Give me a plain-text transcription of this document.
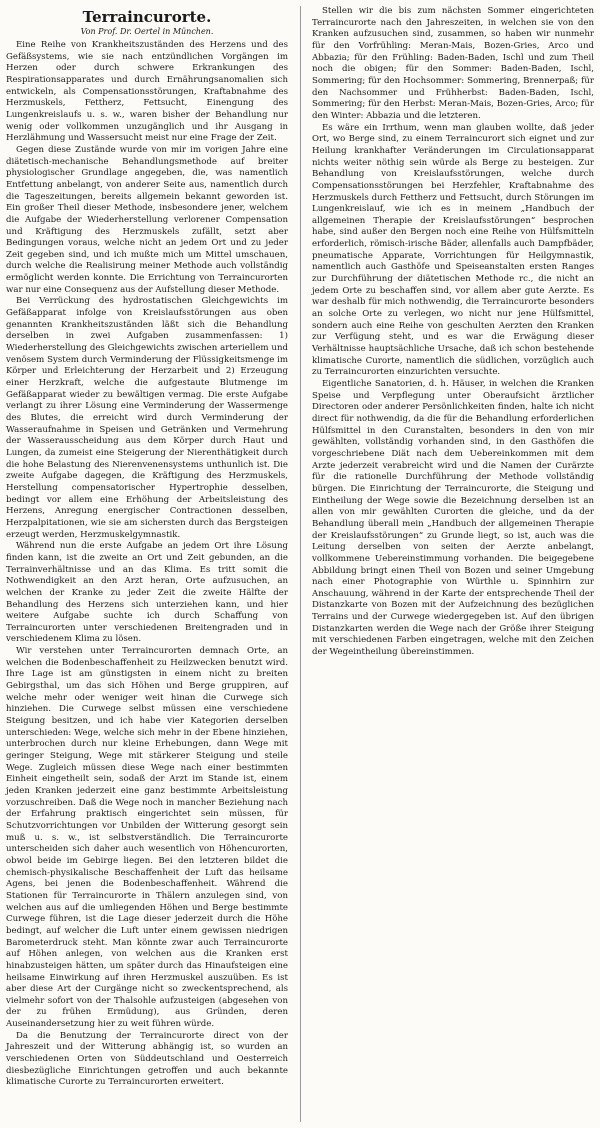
Terraincurorte.
Von Prof. Dr. Oertel in München.

Eine Reihe von Krankheitszuständen des Herzens und des Gefäßsystems, wie sie nach entzündlichen Vorgängen im Herzen oder durch schwere Erkrankungen des Respirationsapparates und durch Ernährungsanomalien sich entwickeln, als Compensationsstörungen, Kraftabnahme des Herzmuskels, Fettherz, Fettsucht, Einengung des Lungenkreislaufs u. s. w., waren bisher der Behandlung nur wenig oder vollkommen unzugänglich und ihr Ausgang in Herzlähmung und Wassersucht meist nur eine Frage der Zeit.

Gegen diese Zustände wurde von mir im vorigen Jahre eine diätetisch-mechanische Behandlungsmethode auf breiter physiologischer Grundlage angegeben, die, was namentlich Entfettung anbelangt, von anderer Seite aus, namentlich durch die Tageszeitungen, bereits allgemein bekannt geworden ist. Ein großer Theil dieser Methode, insbesondere jener, welchem die Aufgabe der Wiederherstellung verlorener Compensation und Kräftigung des Herzmuskels zufällt, setzt aber Bedingungen voraus, welche nicht an jedem Ort und zu jeder Zeit gegeben sind, und ich mußte mich um Mittel umschauen, durch welche die Realisirung meiner Methode auch vollständig ermöglicht werden konnte. Die Errichtung von Terraincurorten war nur eine Consequenz aus der Aufstellung dieser Methode.

Bei Verrückung des hydrostatischen Gleichgewichts im Gefäßapparat infolge von Kreislaufsstörungen aus oben genannten Krankheitszuständen läßt sich die Behandlung derselben in zwei Aufgaben zusammenfassen: 1) Wiederherstellung des Gleichgewichts zwischen arteriellem und venösem System durch Verminderung der Flüssigkeitsmenge im Körper und Erleichterung der Herzarbeit und 2) Erzeugung einer Herzkraft, welche die aufgestaute Blutmenge im Gefäßapparat wieder zu bewältigen vermag. Die erste Aufgabe verlangt zu ihrer Lösung eine Verminderung der Wassermenge des Blutes, die erreicht wird durch Verminderung der Wasseraufnahme in Speisen und Getränken und Vermehrung der Wasserausscheidung aus dem Körper durch Haut und Lungen, da zumeist eine Steigerung der Nierenthätigkeit durch die hohe Belastung des Nierenvenensystems unthunlich ist. Die zweite Aufgabe dagegen, die Kräftigung des Herzmuskels, Herstellung compensatorischer Hypertrophie desselben, bedingt vor allem eine Erhöhung der Arbeitsleistung des Herzens, Anregung energischer Contractionen desselben, Herzpalpitationen, wie sie am sichersten durch das Bergsteigen erzeugt werden, Herzmuskelgymnastik.

Während nun die erste Aufgabe an jedem Ort ihre Lösung finden kann, ist die zweite an Ort und Zeit gebunden, an die Terrainverhältnisse und an das Klima. Es tritt somit die Nothwendigkeit an den Arzt heran, Orte aufzusuchen, an welchen der Kranke zu jeder Zeit die zweite Hälfte der Behandlung des Herzens sich unterziehen kann, und hier weitere Aufgabe suchte ich durch Schaffung von Terraincurorten unter verschiedenen Breitengraden und in verschiedenem Klima zu lösen.

Wir verstehen unter Terraincurorten demnach Orte, an welchen die Bodenbeschaffenheit zu Heilzwecken benutzt wird. Ihre Lage ist am günstigsten in einem nicht zu breiten Gebirgsthal, um das sich Höhen und Berge gruppiren, auf welche mehr oder weniger weit hinan die Curwege sich hinziehen. Die Curwege selbst müssen eine verschiedene Steigung besitzen, und ich habe vier Kategorien derselben unterschieden: Wege, welche sich mehr in der Ebene hinziehen, unterbrochen durch nur kleine Erhebungen, dann Wege mit geringer Steigung, Wege mit stärkerer Steigung und steile Wege. Zugleich müssen diese Wege nach einer bestimmten Einheit eingetheilt sein, sodaß der Arzt im Stande ist, einem jeden Kranken jederzeit eine ganz bestimmte Arbeitsleistung vorzuschreiben. Daß die Wege noch in mancher Beziehung nach der Erfahrung praktisch eingerichtet sein müssen, für Schutzvorrichtungen vor Unbilden der Witterung gesorgt sein muß u. s. w., ist selbstverständlich. Die Terraincurorte unterscheiden sich daher auch wesentlich von Höhencurorten, obwol beide im Gebirge liegen. Bei den letzteren bildet die chemisch-physikalische Beschaffenheit der Luft das heilsame Agens, bei jenen die Bodenbeschaffenheit. Während die Stationen für Terraincurorte in Thälern anzulegen sind, von welchen aus auf die umliegenden Höhen und Berge bestimmte Curwege führen, ist die Lage dieser jederzeit durch die Höhe bedingt, auf welcher die Luft unter einem gewissen niedrigen Barometerdruck steht. Man könnte zwar auch Terraincurorte auf Höhen anlegen, von welchen aus die Kranken erst hinabzusteigen hätten, um später durch das Hinaufsteigen eine heilsame Einwirkung auf ihren Herzmuskel auszuüben. Es ist aber diese Art der Curgänge nicht so zweckentsprechend, als vielmehr sofort von der Thalsohle aufzusteigen (abgesehen von der zu frühen Ermüdung), aus Gründen, deren Auseinandersetzung hier zu weit führen würde.

Da die Benutzung der Terraincurorte direct von der Jahreszeit und der Witterung abhängig ist, so wurden an verschiedenen Orten von Süddeutschland und Oesterreich diesbezügliche Einrichtungen getroffen und auch bekannte klimatische Curorte zu Terraincurorten erweitert.

Stellen wir die bis zum nächsten Sommer eingerichteten Terraincurorte nach den Jahreszeiten, in welchen sie von den Kranken aufzusuchen sind, zusammen, so haben wir nunmehr für den Vorfrühling: Meran-Mais, Bozen-Gries, Arco und Abbazia; für den Frühling: Baden-Baden, Ischl und zum Theil noch die obigen; für den Sommer: Baden-Baden, Ischl, Sommering; für den Hochsommer: Sommering, Brennerpaß; für den Nachsommer und Frühherbst: Baden-Baden, Ischl, Sommering; für den Herbst: Meran-Mais, Bozen-Gries, Arco; für den Winter: Abbazia und die letzteren.

Es wäre ein Irrthum, wenn man glauben wollte, daß jeder Ort, wo Berge sind, zu einem Terraincurort sich eignet und zur Heilung krankhafter Veränderungen im Circulationsapparat nichts weiter nöthig sein würde als Berge zu besteigen. Zur Behandlung von Kreislaufsstörungen, welche durch Compensationsstörungen bei Herzfehler, Kraftabnahme des Herzmuskels durch Fettherz und Fettsucht, durch Störungen im Lungenkreislauf, wie ich es in meinem „Handbuch der allgemeinen Therapie der Kreislaufsstörungen“ besprochen habe, sind außer den Bergen noch eine Reihe von Hülfsmitteln erforderlich, römisch-irische Bäder, allenfalls auch Dampfbäder, pneumatische Apparate, Vorrichtungen für Heilgymnastik, namentlich auch Gasthöfe und Speiseanstalten ersten Ranges zur Durchführung der diätetischen Methode rc., die nicht an jedem Orte zu beschaffen sind, vor allem aber gute Aerzte. Es war deshalb für mich nothwendig, die Terraincurorte besonders an solche Orte zu verlegen, wo nicht nur jene Hülfsmittel, sondern auch eine Reihe von geschulten Aerzten den Kranken zur Verfügung steht, und es war die Erwägung dieser Verhältnisse hauptsächliche Ursache, daß ich schon bestehende klimatische Curorte, namentlich die südlichen, vorzüglich auch zu Terraincurorten einzurichten versuchte.

Eigentliche Sanatorien, d. h. Häuser, in welchen die Kranken Speise und Verpflegung unter Oberaufsicht ärztlicher Directoren oder anderer Persönlichkeiten finden, halte ich nicht direct für nothwendig, da die für die Behandlung erforderlichen Hülfsmittel in den Curanstalten, besonders in den von mir gewählten, vollständig vorhanden sind, in den Gasthöfen die vorgeschriebene Diät nach dem Uebereinkommen mit dem Arzte jederzeit verabreicht wird und die Namen der Curärzte für die rationelle Durchführung der Methode vollständig bürgen. Die Einrichtung der Terraincurorte, die Steigung und Eintheilung der Wege sowie die Bezeichnung derselben ist an allen von mir gewählten Curorten die gleiche, und da der Behandlung überall mein „Handbuch der allgemeinen Therapie der Kreislaufsstörungen“ zu Grunde liegt, so ist, auch was die Leitung derselben von seiten der Aerzte anbelangt, vollkommene Uebereinstimmung vorhanden. Die beigegebene Abbildung bringt einen Theil von Bozen und seiner Umgebung nach einer Photographie von Würthle u. Spinnhirn zur Anschauung, während in der Karte der entsprechende Theil der Distanzkarte von Bozen mit der Aufzeichnung des bezüglichen Terrains und der Curwege wiedergegeben ist. Auf den übrigen Distanzkarten werden die Wege nach der Größe ihrer Steigung mit verschiedenen Farben eingetragen, welche mit den Zeichen der Wegeintheilung übereinstimmen.
